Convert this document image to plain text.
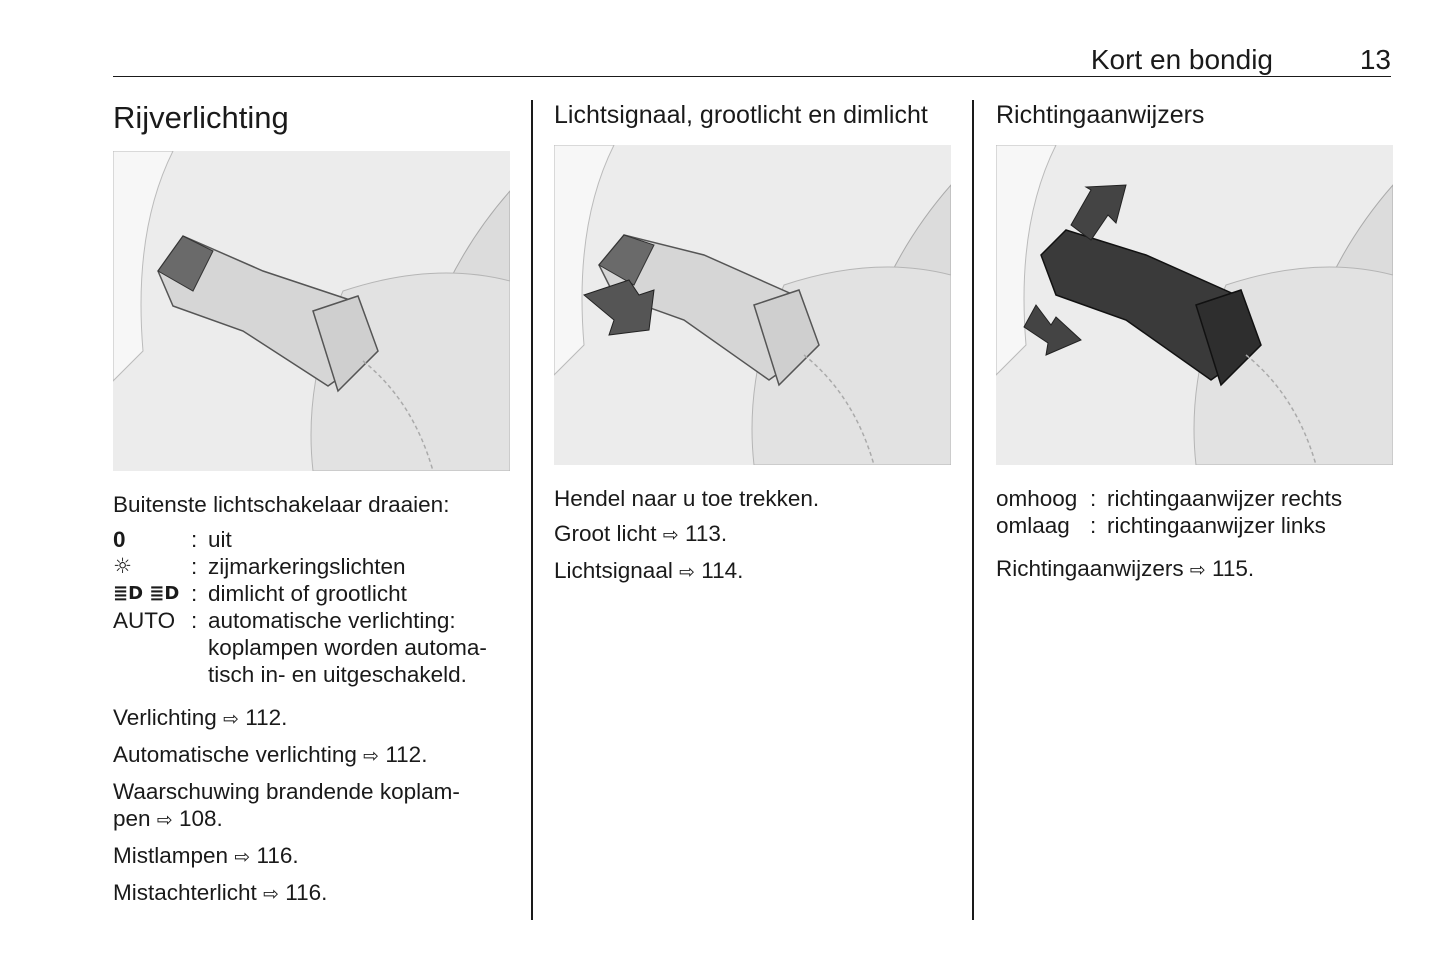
Kort en bondig	13
Rijverlichting
Buitenste lichtschakelaar draaien:
0	:	uit
☼	:	zijmarkeringslichten
≣D ≣D	:	dimlicht of grootlicht
AUTO	:	automatische verlichting:
koplampen worden automa-
tisch in- en uitgeschakeld.
Verlichting ⇨ 112.
Automatische verlichting ⇨ 112.
Waarschuwing brandende koplam-
pen ⇨ 108.
Mistlampen ⇨ 116.
Mistachterlicht ⇨ 116.
Lichtsignaal, grootlicht en dimlicht
Hendel naar u toe trekken.
Groot licht ⇨ 113.
Lichtsignaal ⇨ 114.
Richtingaanwijzers
omhoog	:	richtingaanwijzer rechts
omlaag	:	richtingaanwijzer links
Richtingaanwijzers ⇨ 115.
